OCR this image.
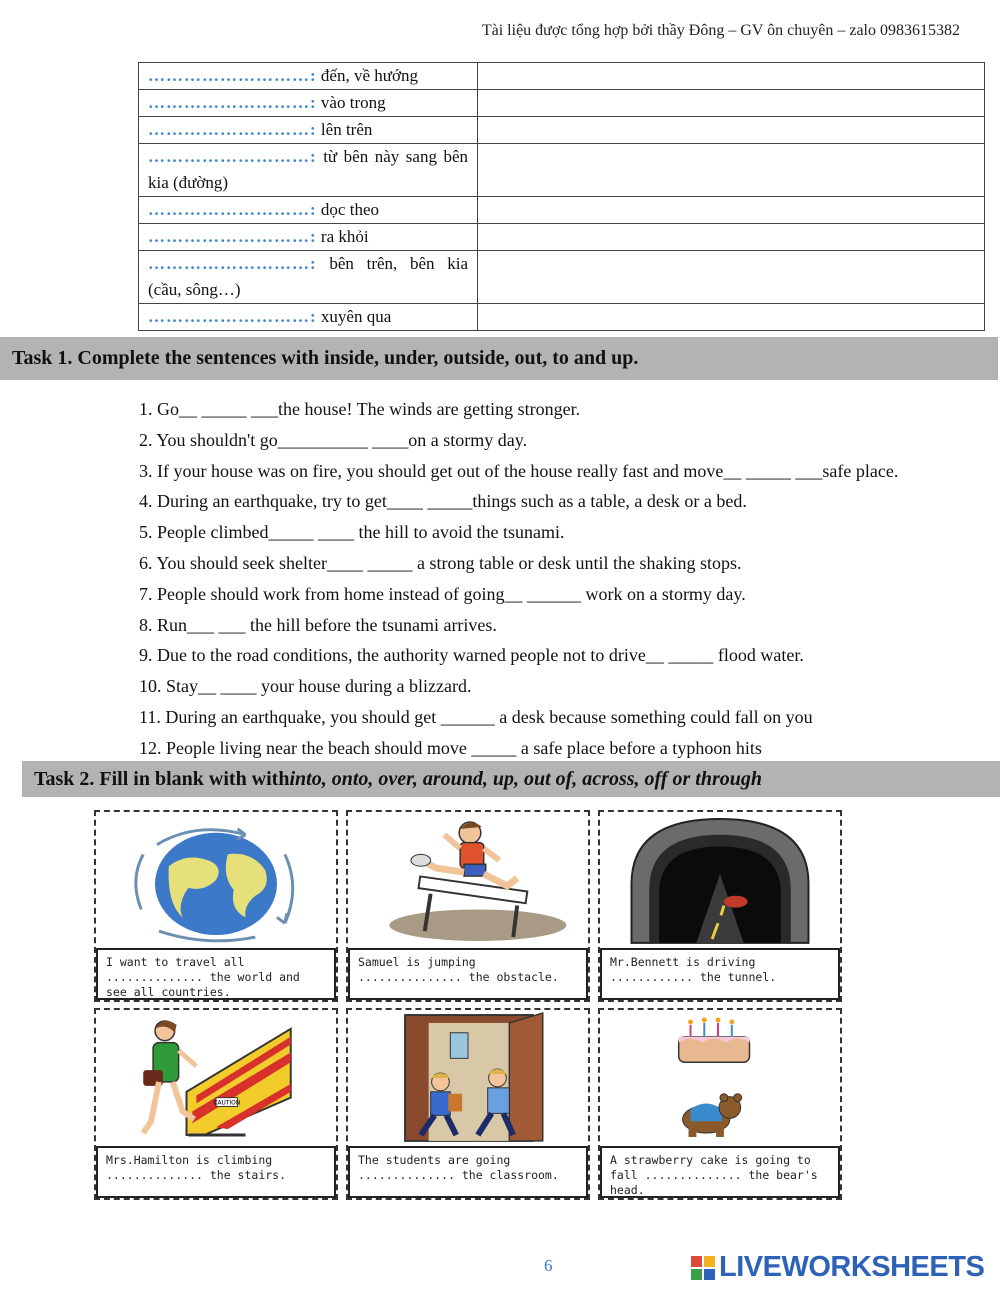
Tài liệu được tổng hợp bởi thầy Đông – GV ôn chuyên – zalo 0983615382
………………………: đến, về hướng	
………………………: vào trong	
………………………: lên trên	
………………………: từ bên này sang bên kia (đường)	
………………………: dọc theo	
………………………: ra khỏi	
………………………: bên trên, bên kia (cầu, sông…)	
………………………: xuyên qua	
Task 1. Complete the sentences with inside, under, outside, out, to and up.
1. Go__ _____ ___the house! The winds are getting stronger.
2. You shouldn't go__________ ____on a stormy day.
3. If your house was on fire, you should get out of the house really fast and move__ _____ ___safe place.
4. During an earthquake, try to get____ _____things such as a table, a desk or a bed.
5. People climbed_____ ____ the hill to avoid the tsunami.
6. You should seek shelter____ _____ a strong table or desk until the shaking stops.
7. People should work from home instead of going__ ______ work on a stormy day.
8. Run___ ___ the hill before the tsunami arrives.
9. Due to the road conditions, the authority warned people not to drive__ _____ flood water.
10. Stay__ ____ your house during a blizzard.
11. During an earthquake, you should get ______ a desk because something could fall on you
12. People living near the beach should move _____ a safe place before a typhoon hits
Task 2. Fill in blank with with into, onto, over, around, up, out of, across, off or through
I want to travel all .............. the world and see all countries.
Samuel is jumping ............... the obstacle.
Mr.Bennett is driving ............ the tunnel.
CAUTION
Mrs.Hamilton is climbing .............. the stairs.
The students are going .............. the classroom.
A strawberry cake is going to fall .............. the bear's head.
6	LIVEWORKSHEETS
